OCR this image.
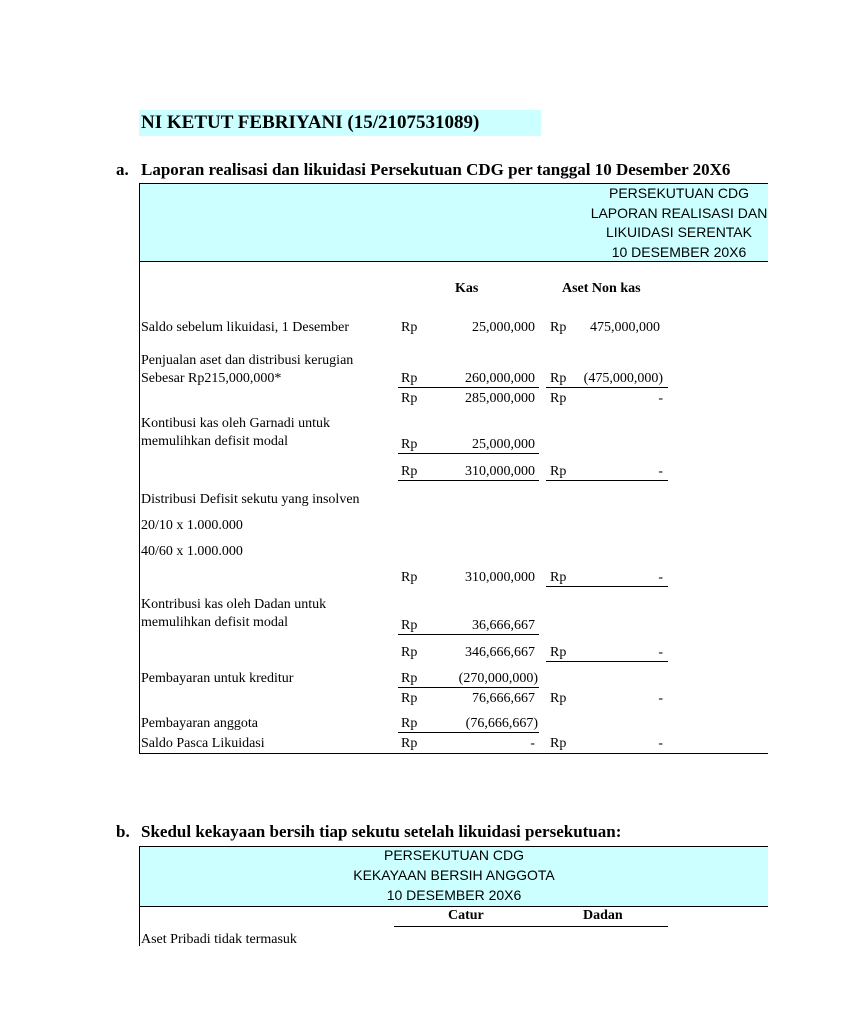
NI KETUT FEBRIYANI (15/2107531089)
a. Laporan realisasi dan likuidasi Persekutuan CDG per tanggal 10 Desember 20X6
PERSEKUTUAN CDG
LAPORAN REALISASI DAN
LIKUIDASI SERENTAK
10 DESEMBER 20X6
Kas	Aset Non kas
Saldo sebelum likuidasi, 1 Desember	Rp	25,000,000 Rp	475,000,000
Penjualan aset dan distribusi kerugian
Sebesar Rp215,000,000*	Rp	260,000,000 Rp	(475,000,000)
Rp	285,000,000 Rp	-
Kontibusi kas oleh Garnadi untuk
memulihkan defisit modal	Rp	25,000,000
Rp	310,000,000 Rp	-
Distribusi Defisit sekutu yang insolven
20/10 x 1.000.000
40/60 x 1.000.000
Rp	310,000,000 Rp	-
Kontribusi kas oleh Dadan untuk
memulihkan defisit modal	Rp	36,666,667
Rp	346,666,667 Rp	-
Pembayaran untuk kreditur	Rp	(270,000,000)
Rp	76,666,667 Rp	-
Pembayaran anggota	Rp	(76,666,667)
Saldo Pasca Likuidasi	Rp	- Rp	-
b. Skedul kekayaan bersih tiap sekutu setelah likuidasi persekutuan:
PERSEKUTUAN CDG
KEKAYAAN BERSIH ANGGOTA
10 DESEMBER 20X6
Catur	Dadan
Aset Pribadi tidak termasuk
